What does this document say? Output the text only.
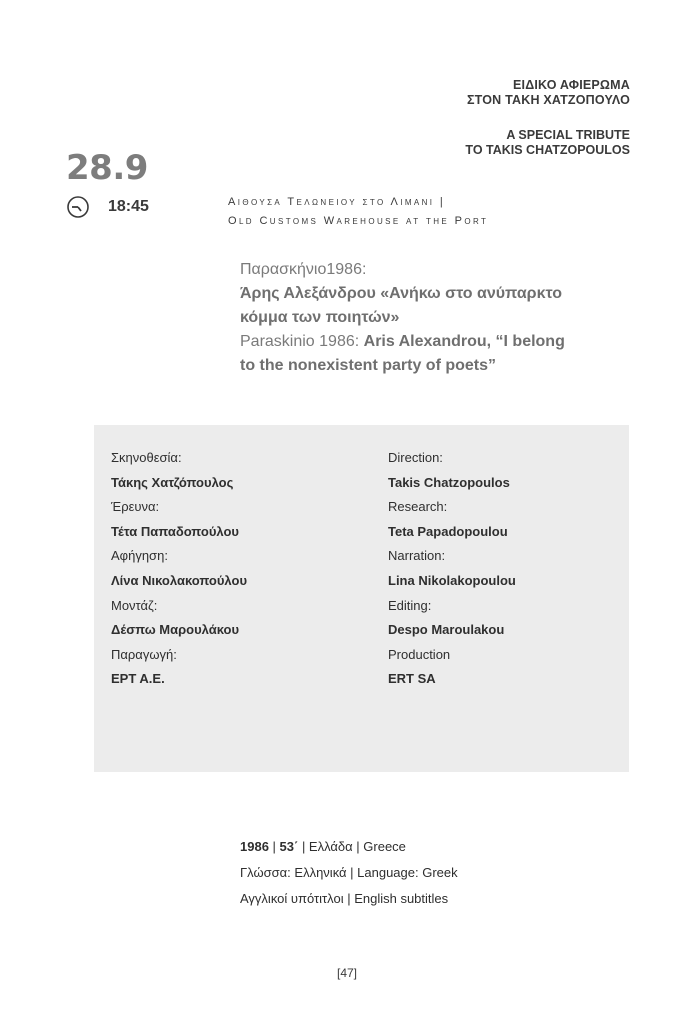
ΕΙΔΙΚΟ ΑΦΙΕΡΩΜΑ
ΣΤΟΝ ΤΑΚΗ ΧΑΤΖΟΠΟΥΛΟ
A SPECIAL TRIBUTE
TO TAKIS CHATZOPOULOS
28.9
18:45	Αιθουσα Τελωνειου στο Λιμανι |
Old Customs Warehouse at the Port
Παρασκήνιο1986:
Άρης Αλεξάνδρου «Ανήκω στο ανύπαρκτο
κόμμα των ποιητών»
Paraskinio 1986: Aris Alexandrou, “I belong
to the nonexistent party of poets”
Σκηνοθεσία:
Τάκης Χατζόπουλος
Έρευνα:
Τέτα Παπαδοπούλου
Αφήγηση:
Λίνα Νικολακοπούλου
Μοντάζ:
Δέσπω Μαρουλάκου
Παραγωγή:
ΕΡΤ Α.Ε.
Direction:
Takis Chatzopoulos
Research:
Teta Papadopoulou
Narration:
Lina Nikolakopoulou
Editing:
Despo Maroulakou
Production
ERT SA
1986 | 53΄ | Ελλάδα | Greece
Γλώσσα: Ελληνικά | Language: Greek
Αγγλικοί υπότιτλοι | English subtitles
[47]
